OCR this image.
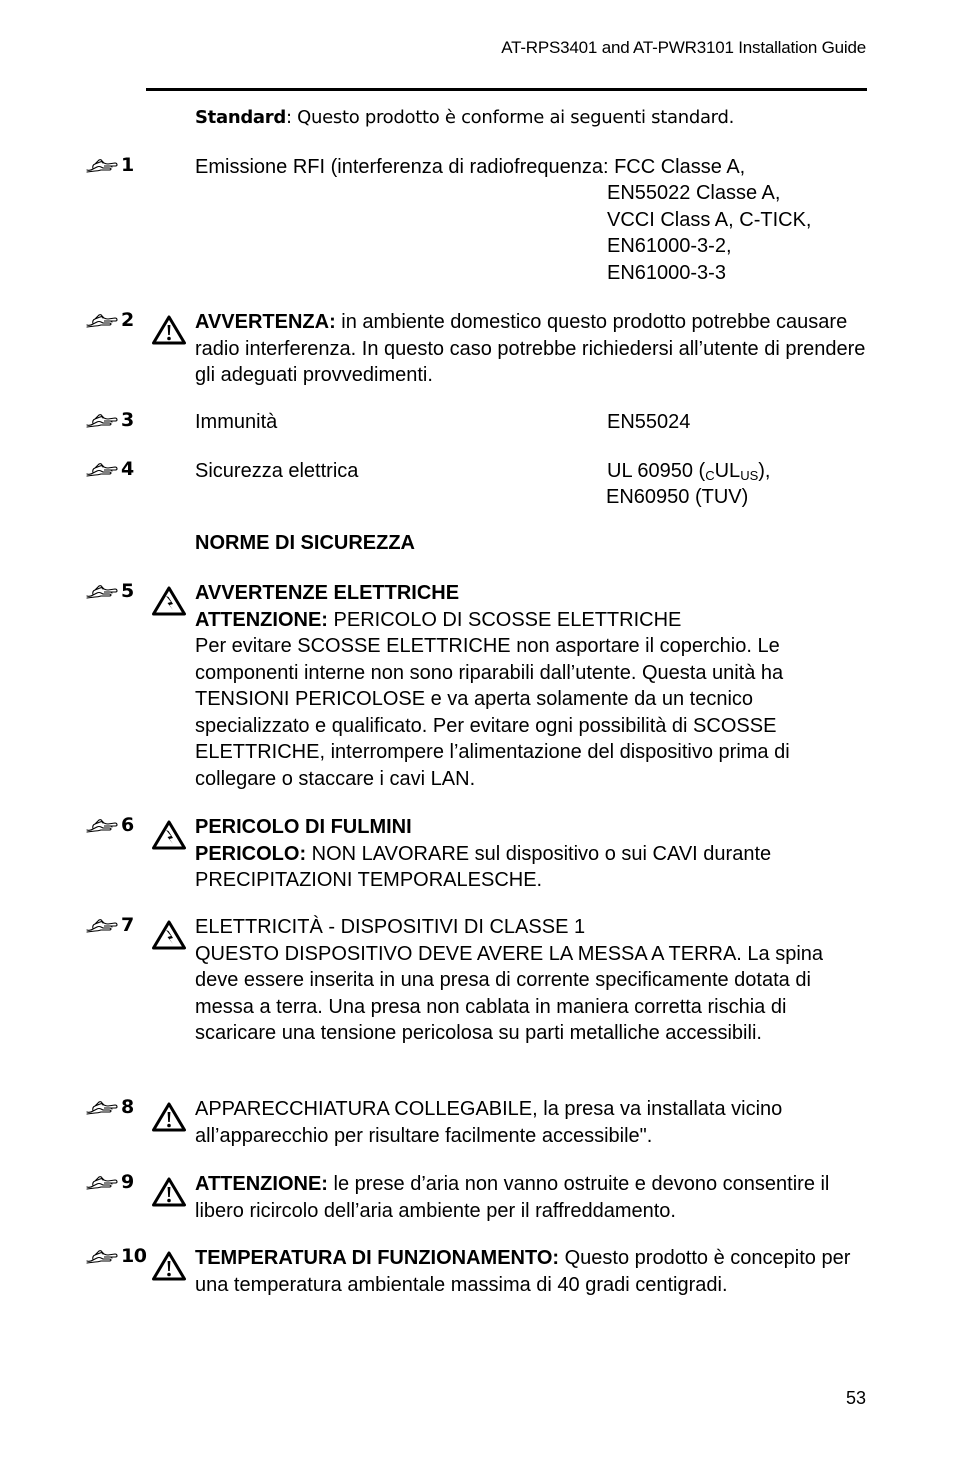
AT-RPS3401 and AT-PWR3101 Installation Guide
Standard: Questo prodotto è conforme ai seguenti standard.
1	Emissione RFI (interferenza di radiofrequenza: FCC Classe A,
EN55022 Classe A,
VCCI Class A, C-TICK,
EN61000-3-2,
EN61000-3-3
2	AVVERTENZA: in ambiente domestico questo prodotto potrebbe causare radio interferenza. In questo caso potrebbe richiedersi all’utente di prendere gli adeguati provvedimenti.
3	Immunità	EN55024
4	Sicurezza elettrica	UL 60950 $(_CUL_{US})$,
EN60950 (TUV)
NORME DI SICUREZZA
5	AVVERTENZE ELETTRICHE
ATTENZIONE: PERICOLO DI SCOSSE ELETTRICHE
Per evitare SCOSSE ELETTRICHE non asportare il coperchio. Le componenti interne non sono riparabili dall’utente. Questa unità ha TENSIONI PERICOLOSE e va aperta solamente da un tecnico specializzato e qualificato. Per evitare ogni possibilità di SCOSSE ELETTRICHE, interrompere l’alimentazione del dispositivo prima di collegare o staccare i cavi LAN.
6	PERICOLO DI FULMINI
PERICOLO: NON LAVORARE sul dispositivo o sui CAVI durante PRECIPITAZIONI TEMPORALESCHE.
7	ELETTRICITÀ - DISPOSITIVI DI CLASSE 1
QUESTO DISPOSITIVO DEVE AVERE LA MESSA A TERRA. La spina deve essere inserita in una presa di corrente specificamente dotata di messa a terra. Una presa non cablata in maniera corretta rischia di scaricare una tensione pericolosa su parti metalliche accessibili.
8	APPARECCHIATURA COLLEGABILE, la presa va installata vicino all’apparecchio per risultare facilmente accessibile".
9	ATTENZIONE: le prese d’aria non vanno ostruite e devono consentire il libero ricircolo dell’aria ambiente per il raffreddamento.
10 TEMPERATURA DI FUNZIONAMENTO: Questo prodotto è concepito per una temperatura ambientale massima di 40 gradi centigradi.
53
